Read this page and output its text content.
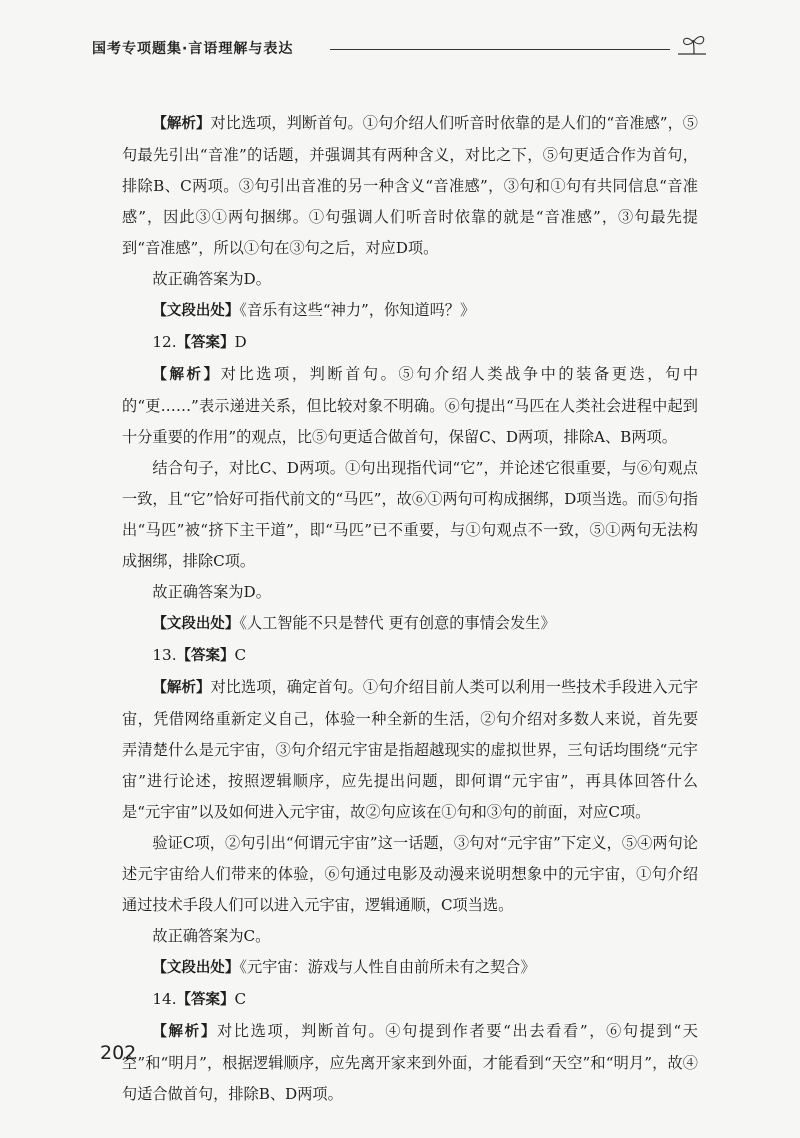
国考专项题集·言语理解与表达

【解析】对比选项，判断首句。①句介绍人们听音时依靠的是人们的“音准感”，⑤句最先引出“音准”的话题，并强调其有两种含义，对比之下，⑤句更适合作为首句，排除B、C两项。③句引出音准的另一种含义“音准感”，③句和①句有共同信息“音准感”，因此③①两句捆绑。①句强调人们听音时依靠的就是“音准感”，③句最先提到“音准感”，所以①句在③句之后，对应D项。

故正确答案为D。

【文段出处】《音乐有这些“神力”，你知道吗？》

12.【答案】D

【解析】对比选项，判断首句。⑤句介绍人类战争中的装备更迭，句中的“更……”表示递进关系，但比较对象不明确。⑥句提出“马匹在人类社会进程中起到十分重要的作用”的观点，比⑤句更适合做首句，保留C、D两项，排除A、B两项。

结合句子，对比C、D两项。①句出现指代词“它”，并论述它很重要，与⑥句观点一致，且“它”恰好可指代前文的“马匹”，故⑥①两句可构成捆绑，D项当选。而⑤句指出“马匹”被“挤下主干道”，即“马匹”已不重要，与①句观点不一致，⑤①两句无法构成捆绑，排除C项。

故正确答案为D。

【文段出处】《人工智能不只是替代 更有创意的事情会发生》

13.【答案】C

【解析】对比选项，确定首句。①句介绍目前人类可以利用一些技术手段进入元宇宙，凭借网络重新定义自己，体验一种全新的生活，②句介绍对多数人来说，首先要弄清楚什么是元宇宙，③句介绍元宇宙是指超越现实的虚拟世界，三句话均围绕“元宇宙”进行论述，按照逻辑顺序，应先提出问题，即何谓“元宇宙”，再具体回答什么是“元宇宙”以及如何进入元宇宙，故②句应该在①句和③句的前面，对应C项。

验证C项，②句引出“何谓元宇宙”这一话题，③句对“元宇宙”下定义，⑤④两句论述元宇宙给人们带来的体验，⑥句通过电影及动漫来说明想象中的元宇宙，①句介绍通过技术手段人们可以进入元宇宙，逻辑通顺，C项当选。

故正确答案为C。

【文段出处】《元宇宙：游戏与人性自由前所未有之契合》

14.【答案】C

【解析】对比选项，判断首句。④句提到作者要“出去看看”，⑥句提到“天空”和“明月”，根据逻辑顺序，应先离开家来到外面，才能看到“天空”和“明月”，故④句适合做首句，排除B、D两项。

202
